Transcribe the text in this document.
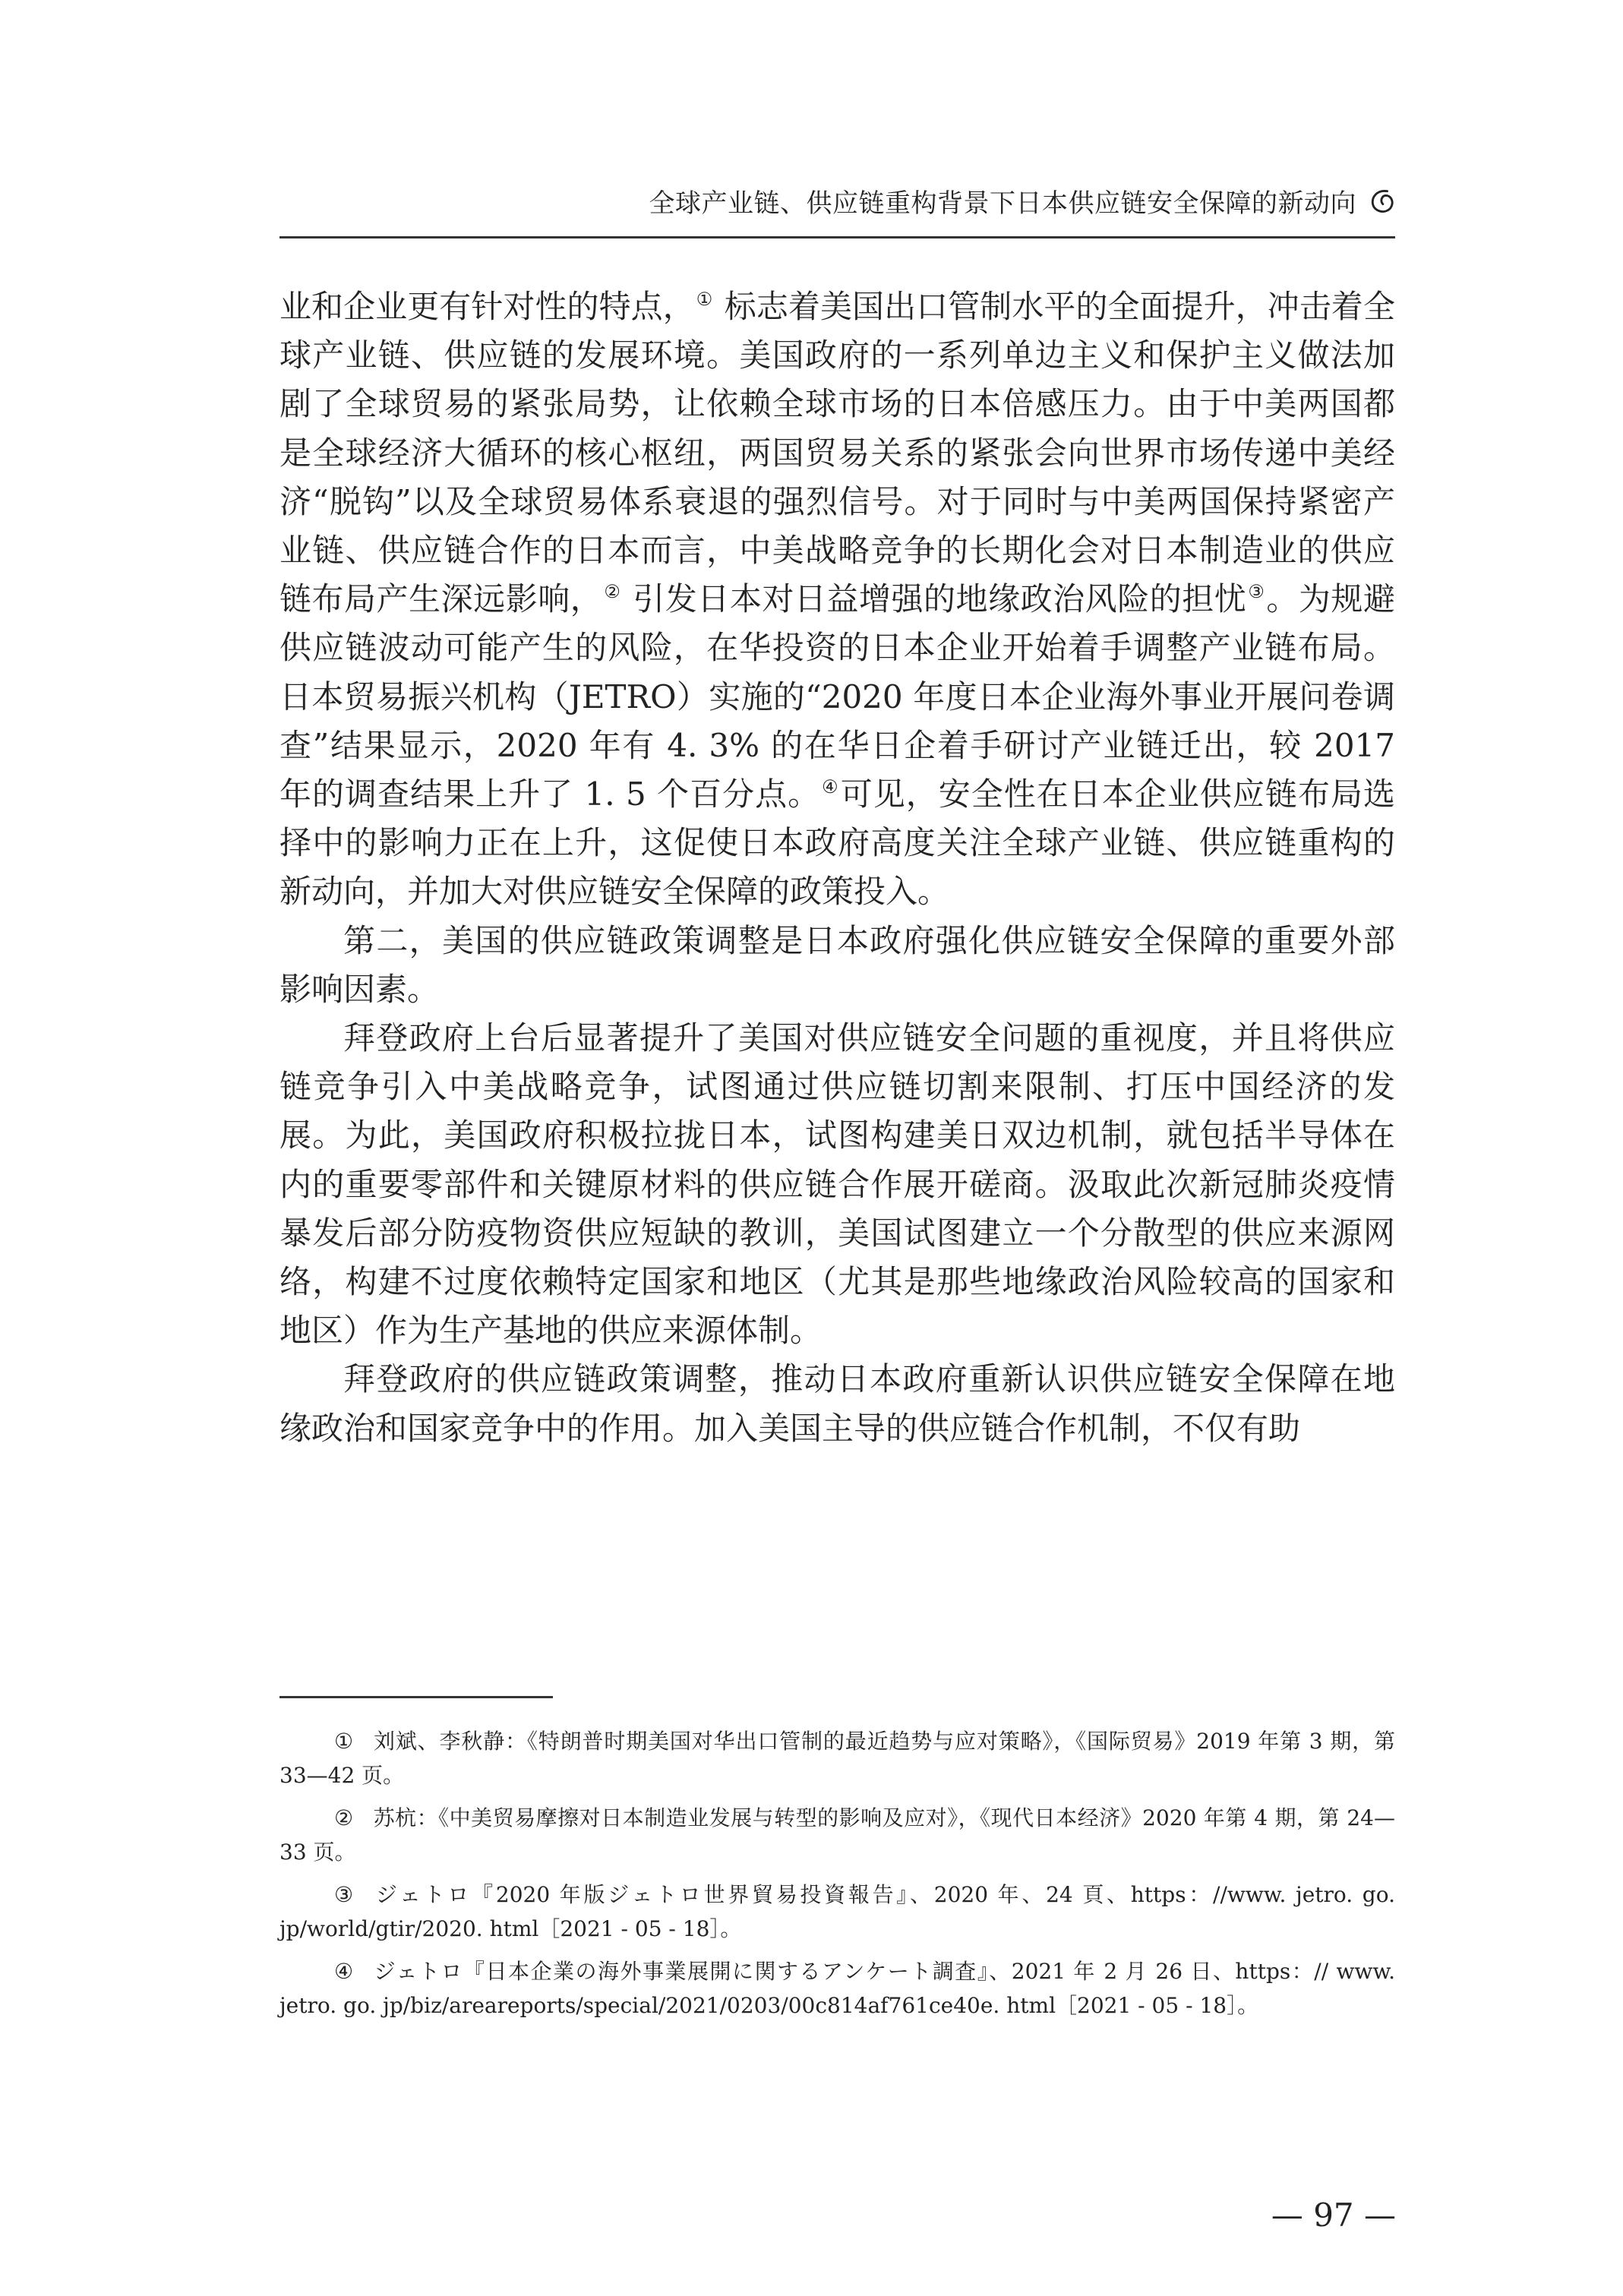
全球产业链、供应链重构背景下日本供应链安全保障的新动向

业和企业更有针对性的特点，① 标志着美国出口管制水平的全面提升，冲击着全球产业链、供应链的发展环境。美国政府的一系列单边主义和保护主义做法加剧了全球贸易的紧张局势，让依赖全球市场的日本倍感压力。由于中美两国都是全球经济大循环的核心枢纽，两国贸易关系的紧张会向世界市场传递中美经济“脱钩”以及全球贸易体系衰退的强烈信号。对于同时与中美两国保持紧密产业链、供应链合作的日本而言，中美战略竞争的长期化会对日本制造业的供应链布局产生深远影响，② 引发日本对日益增强的地缘政治风险的担忧③。为规避供应链波动可能产生的风险，在华投资的日本企业开始着手调整产业链布局。日本贸易振兴机构（JETRO）实施的“2020 年度日本企业海外事业开展问卷调查”结果显示，2020 年有 4. 3% 的在华日企着手研讨产业链迁出，较 2017 年的调查结果上升了 1. 5 个百分点。④可见，安全性在日本企业供应链布局选择中的影响力正在上升，这促使日本政府高度关注全球产业链、供应链重构的新动向，并加大对供应链安全保障的政策投入。

第二，美国的供应链政策调整是日本政府强化供应链安全保障的重要外部影响因素。

拜登政府上台后显著提升了美国对供应链安全问题的重视度，并且将供应链竞争引入中美战略竞争，试图通过供应链切割来限制、打压中国经济的发展。为此，美国政府积极拉拢日本，试图构建美日双边机制，就包括半导体在内的重要零部件和关键原材料的供应链合作展开磋商。汲取此次新冠肺炎疫情暴发后部分防疫物资供应短缺的教训，美国试图建立一个分散型的供应来源网络，构建不过度依赖特定国家和地区（尤其是那些地缘政治风险较高的国家和地区）作为生产基地的供应来源体制。

拜登政府的供应链政策调整，推动日本政府重新认识供应链安全保障在地缘政治和国家竞争中的作用。加入美国主导的供应链合作机制，不仅有助

① 刘斌、李秋静：《特朗普时期美国对华出口管制的最近趋势与应对策略》，《国际贸易》2019 年第 3 期，第 33—42 页。

② 苏杭：《中美贸易摩擦对日本制造业发展与转型的影响及应对》，《现代日本经济》2020 年第 4 期，第 24—33 页。

③ ジェトロ『2020 年版ジェトロ世界貿易投資報告』、2020 年、24 頁、https：//www. jetro. go. jp/world/gtir/2020. html［2021 - 05 - 18］。

④ ジェトロ『日本企業の海外事業展開に関するアンケート調査』、2021 年 2 月 26 日、https：// www. jetro. go. jp/biz/areareports/special/2021/0203/00c814af761ce40e. html［2021 - 05 - 18］。

— 97 —
